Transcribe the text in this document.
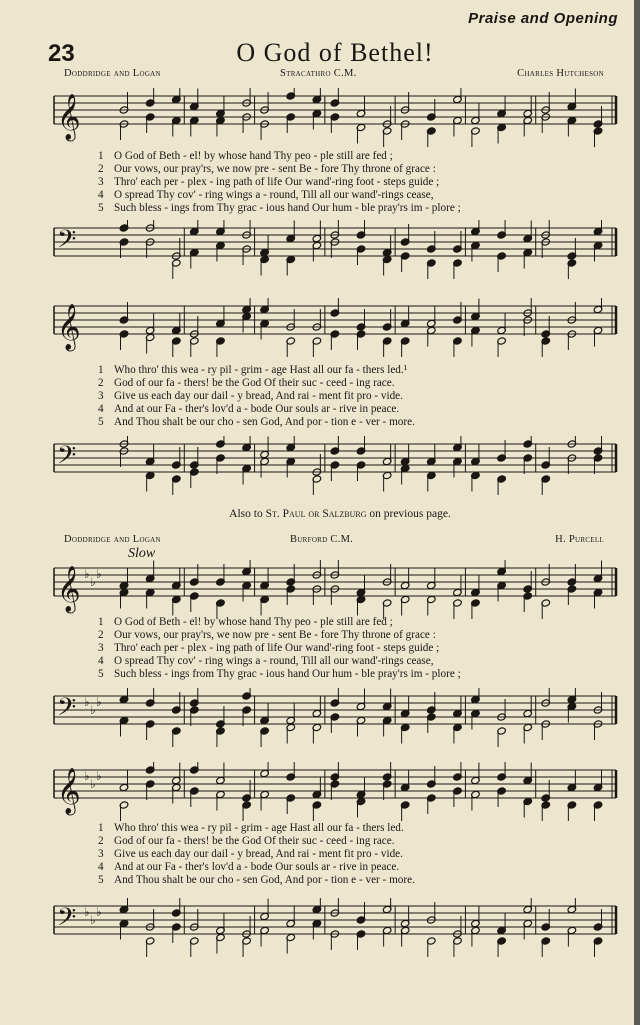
Praise and Opening
23	O God of Bethel!
Doddridge and Logan	Stracathro C.M.	Charles Hutcheson
𝄞
1 O God of Beth - el! by whose hand Thy peo - ple still are fed ;
2 Our vows, our pray'rs, we now pre - sent Be - fore Thy throne of grace :
3 Thro' each per - plex - ing path of life Our wand'-ring foot - steps guide ;
4 O spread Thy cov' - ring wings a - round, Till all our wand'-rings cease,
5 Such bless - ings from Thy grac - ious hand Our hum - ble pray'rs im - plore ;
𝄢
𝄞
1 Who thro' this wea - ry pil - grim - age Hast all our fa - thers led.¹
2 God of our fa - thers! be the God Of their suc - ceed - ing race.
3 Give us each day our dail - y bread, And rai - ment fit pro - vide.
4 And at our Fa - ther's lov'd a - bode Our souls ar - rive in peace.
5 And Thou shalt be our cho - sen God, And por - tion e - ver - more.
𝄢
Also to St. Paul or Salzburg on previous page.
Doddridge and Logan	Burford C.M.	H. Purcell
Slow
𝄞 ♭
♭
♭
1 O God of Beth - el! by whose hand Thy peo - ple still are fed ;
2 Our vows, our pray'rs, we now pre - sent Be - fore Thy throne of grace :
3 Thro' each per - plex - ing path of life Our wand'-ring foot - steps guide ;
4 O spread Thy cov' - ring wings a - round, Till all our wand'-rings cease,
5 Such bless - ings from Thy grac - ious hand Our hum - ble pray'rs im - plore ;
𝄢 ♭
♭
♭
𝄞 ♭
♭
♭
1 Who thro' this wea - ry pil - grim - age Hast all our fa - thers led.
2 God of our fa - thers! be the God Of their suc - ceed - ing race.
3 Give us each day our dail - y bread, And rai - ment fit pro - vide.
4 And at our Fa - ther's lov'd a - bode Our souls ar - rive in peace.
5 And Thou shalt be our cho - sen God, And por - tion e - ver - more.
𝄢 ♭
♭
♭
